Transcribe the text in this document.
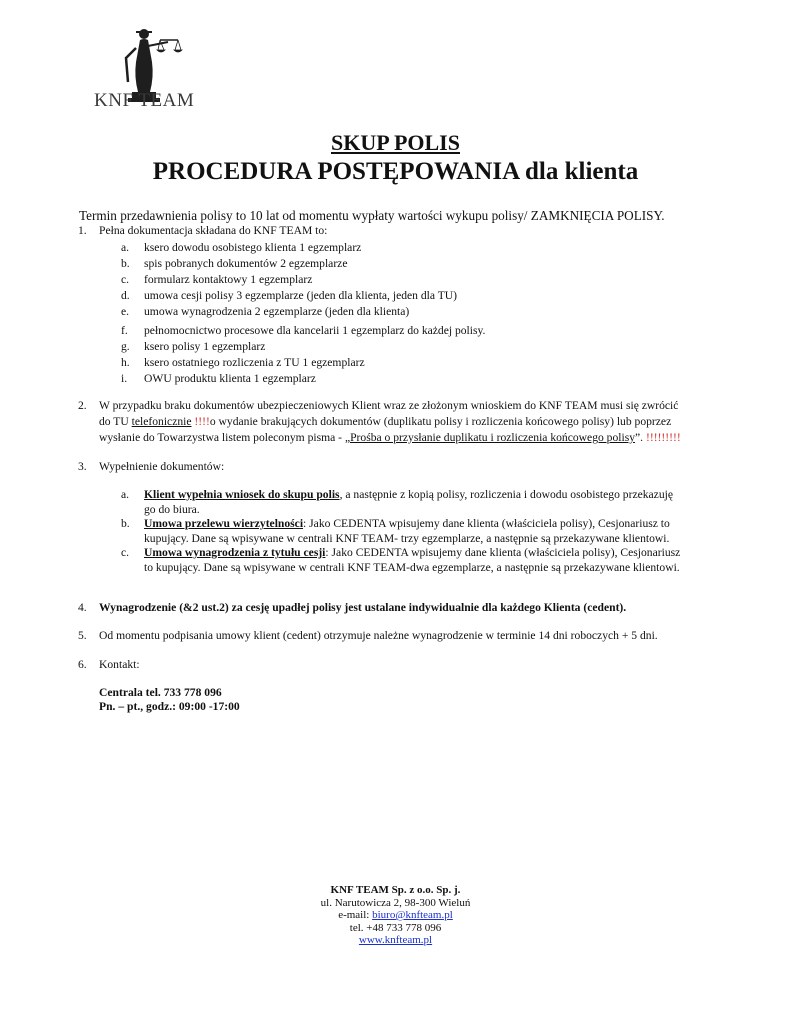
KNF TEAM
SKUP POLIS
PROCEDURA POSTĘPOWANIA dla klienta
Termin przedawnienia polisy to 10 lat od momentu wypłaty wartości wykupu polisy/ ZAMKNIĘCIA POLISY.
1. Pełna dokumentacja składana do KNF TEAM to:
a. ksero dowodu osobistego klienta 1 egzemplarz
b. spis pobranych dokumentów 2 egzemplarze
c. formularz kontaktowy 1 egzemplarz
d. umowa cesji polisy 3 egzemplarze (jeden dla klienta, jeden dla TU)
e. umowa wynagrodzenia 2 egzemplarze (jeden dla klienta)
f. pełnomocnictwo procesowe dla kancelarii 1 egzemplarz do każdej polisy.
g. ksero polisy 1 egzemplarz
h. ksero ostatniego rozliczenia z TU 1 egzemplarz
i. OWU produktu klienta 1 egzemplarz
2. W przypadku braku dokumentów ubezpieczeniowych Klient wraz ze złożonym wnioskiem do KNF TEAM musi się zwrócić
do TU telefonicznie !!!!o wydanie brakujących dokumentów (duplikatu polisy i rozliczenia końcowego polisy) lub poprzez
wysłanie do Towarzystwa listem poleconym pisma - „Prośba o przysłanie duplikatu i rozliczenia końcowego polisy”. !!!!!!!!!
3. Wypełnienie dokumentów:
a. Klient wypełnia wniosek do skupu polis, a następnie z kopią polisy, rozliczenia i dowodu osobistego przekazuję
go do biura.
b. Umowa przelewu wierzytelności: Jako CEDENTA wpisujemy dane klienta (właściciela polisy), Cesjonariusz to
kupujący. Dane są wpisywane w centrali KNF TEAM- trzy egzemplarze, a następnie są przekazywane klientowi.
c. Umowa wynagrodzenia z tytułu cesji: Jako CEDENTA wpisujemy dane klienta (właściciela polisy), Cesjonariusz
to kupujący. Dane są wpisywane w centrali KNF TEAM-dwa egzemplarze, a następnie są przekazywane klientowi.
4. Wynagrodzenie (&2 ust.2) za cesję upadłej polisy jest ustalane indywidualnie dla każdego Klienta (cedent).
5. Od momentu podpisania umowy klient (cedent) otrzymuje należne wynagrodzenie w terminie 14 dni roboczych + 5 dni.
6. Kontakt:
Centrala tel. 733 778 096
Pn. – pt., godz.: 09:00 -17:00
KNF TEAM Sp. z o.o. Sp. j.
ul. Narutowicza 2, 98-300 Wieluń
e-mail: biuro@knfteam.pl
tel. +48 733 778 096
www.knfteam.pl
